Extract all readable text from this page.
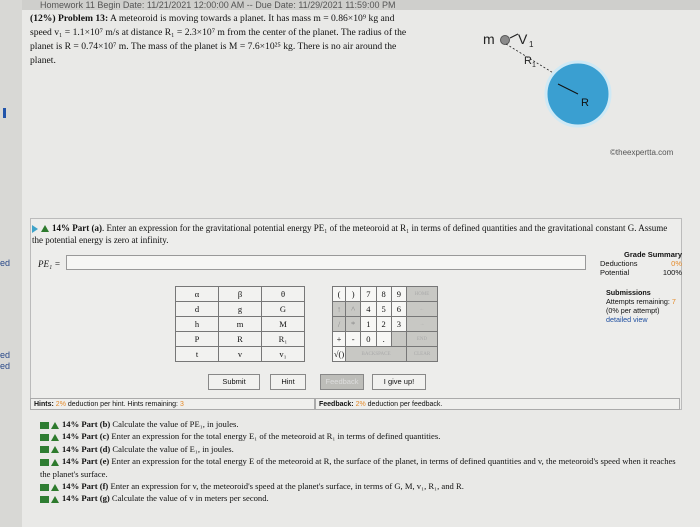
Homework 11 Begin Date: 11/21/2021 12:00:00 AM -- Due Date: 11/29/2021 11:59:00 PM
ed
ed
ed
(12%) Problem 13: A meteoroid is moving towards a planet. It has mass m = 0.86×10⁹ kg and
speed v₁ = 1.1×10⁷ m/s at distance R₁ = 2.3×10⁷ m from the center of the planet. The radius of the
planet is R = 0.74×10⁷ m. The mass of the planet is M = 7.6×10²⁵ kg. There is no air around the
planet.
m V 1
R 1
R
©theexpertta.com
14% Part (a). Enter an expression for the gravitational potential energy PE₁ of the meteoroid at R₁ in terms of defined quantities and the gravitational constant G. Assume the potential energy is zero at infinity.
PE₁ =
Grade Summary
Deductions	0%
Potential	100%
Submissions
Attempts remaining: 7
(0% per attempt)
detailed view
α	β	θ
d	g	G
h	m	M
P	R	R₁
t	v	v₁
(	)	7	8	9	HOME
↑	^	4	5	6	←
/	*	1	2	3	→
+	-	0	.		END
√()	BACKSPACE				CLEAR
Submit	Hint	Feedback	I give up!
Hints: 2% deduction per hint. Hints remaining: 3	Feedback: 2% deduction per feedback.
14% Part (b) Calculate the value of PE₁, in joules.
14% Part (c) Enter an expression for the total energy E₁ of the meteoroid at R₁ in terms of defined quantities.
14% Part (d) Calculate the value of E₁, in joules.
14% Part (e) Enter an expression for the total energy E of the meteoroid at R, the surface of the planet, in terms of defined quantities and v, the meteoroid's speed when it reaches the planet's surface.
14% Part (f) Enter an expression for v, the meteoroid's speed at the planet's surface, in terms of G, M, v₁, R₁, and R.
14% Part (g) Calculate the value of v in meters per second.
